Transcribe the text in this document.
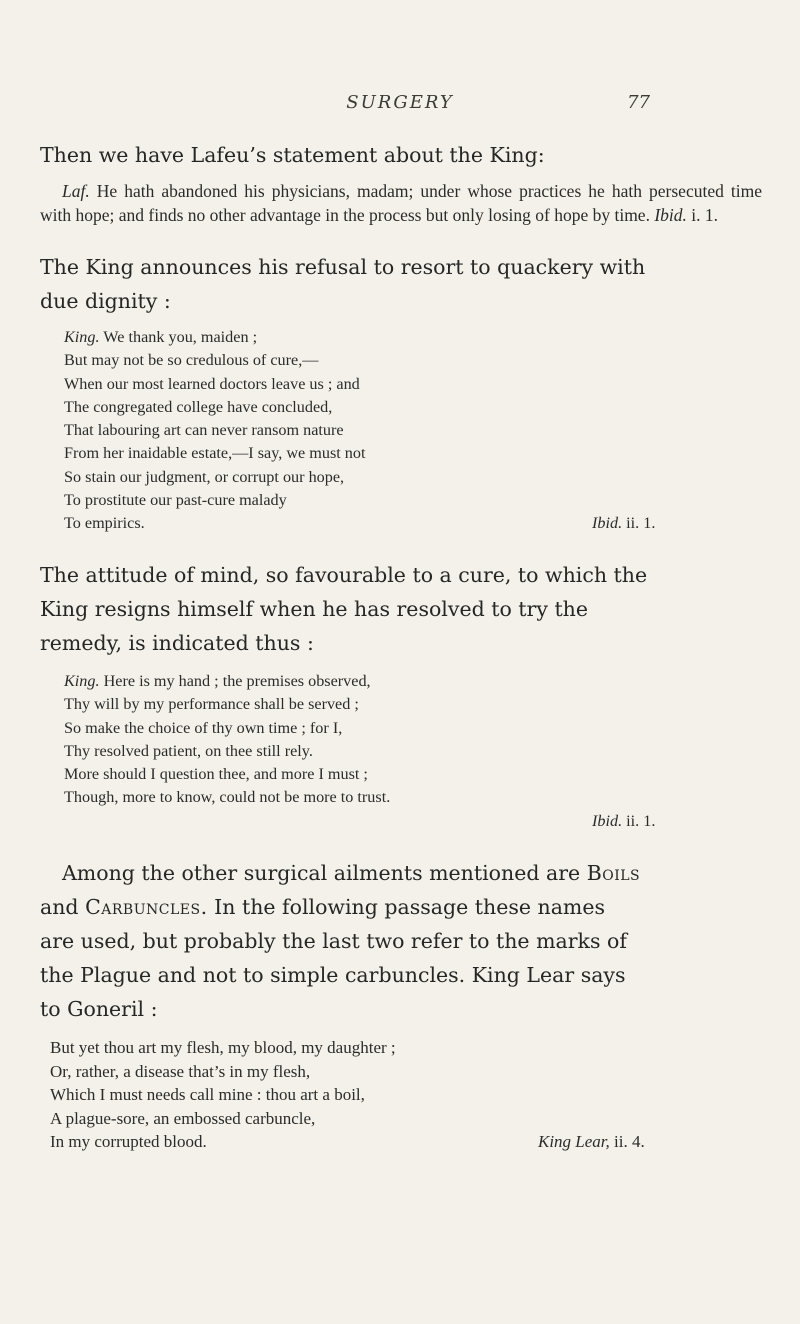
SURGERY	77

Then we have Lafeu’s statement about the King:

Laf. He hath abandoned his physicians, madam; under whose practices he hath persecuted time with hope; and finds no other advantage in the process but only losing of hope by time. Ibid. i. 1.

The King announces his refusal to resort to quackery with
due dignity :
King. We thank you, maiden ;
But may not be so credulous of cure,—
When our most learned doctors leave us ; and
The congregated college have concluded,
That labouring art can never ransom nature
From her inaidable estate,—I say, we must not
So stain our judgment, or corrupt our hope,
To prostitute our past-cure malady
To empirics.	Ibid. ii. 1.
The attitude of mind, so favourable to a cure, to which the
King resigns himself when he has resolved to try the
remedy, is indicated thus :
King. Here is my hand ; the premises observed,
Thy will by my performance shall be served ;
So make the choice of thy own time ; for I,
Thy resolved patient, on thee still rely.
More should I question thee, and more I must ;
Though, more to know, could not be more to trust.
Ibid. ii. 1.
Among the other surgical ailments mentioned are Boils
and Carbuncles. In the following passage these names
are used, but probably the last two refer to the marks of
the Plague and not to simple carbuncles. King Lear says
to Goneril :
But yet thou art my flesh, my blood, my daughter ;
Or, rather, a disease that’s in my flesh,
Which I must needs call mine : thou art a boil,
A plague-sore, an embossed carbuncle,
In my corrupted blood.	King Lear, ii. 4.
